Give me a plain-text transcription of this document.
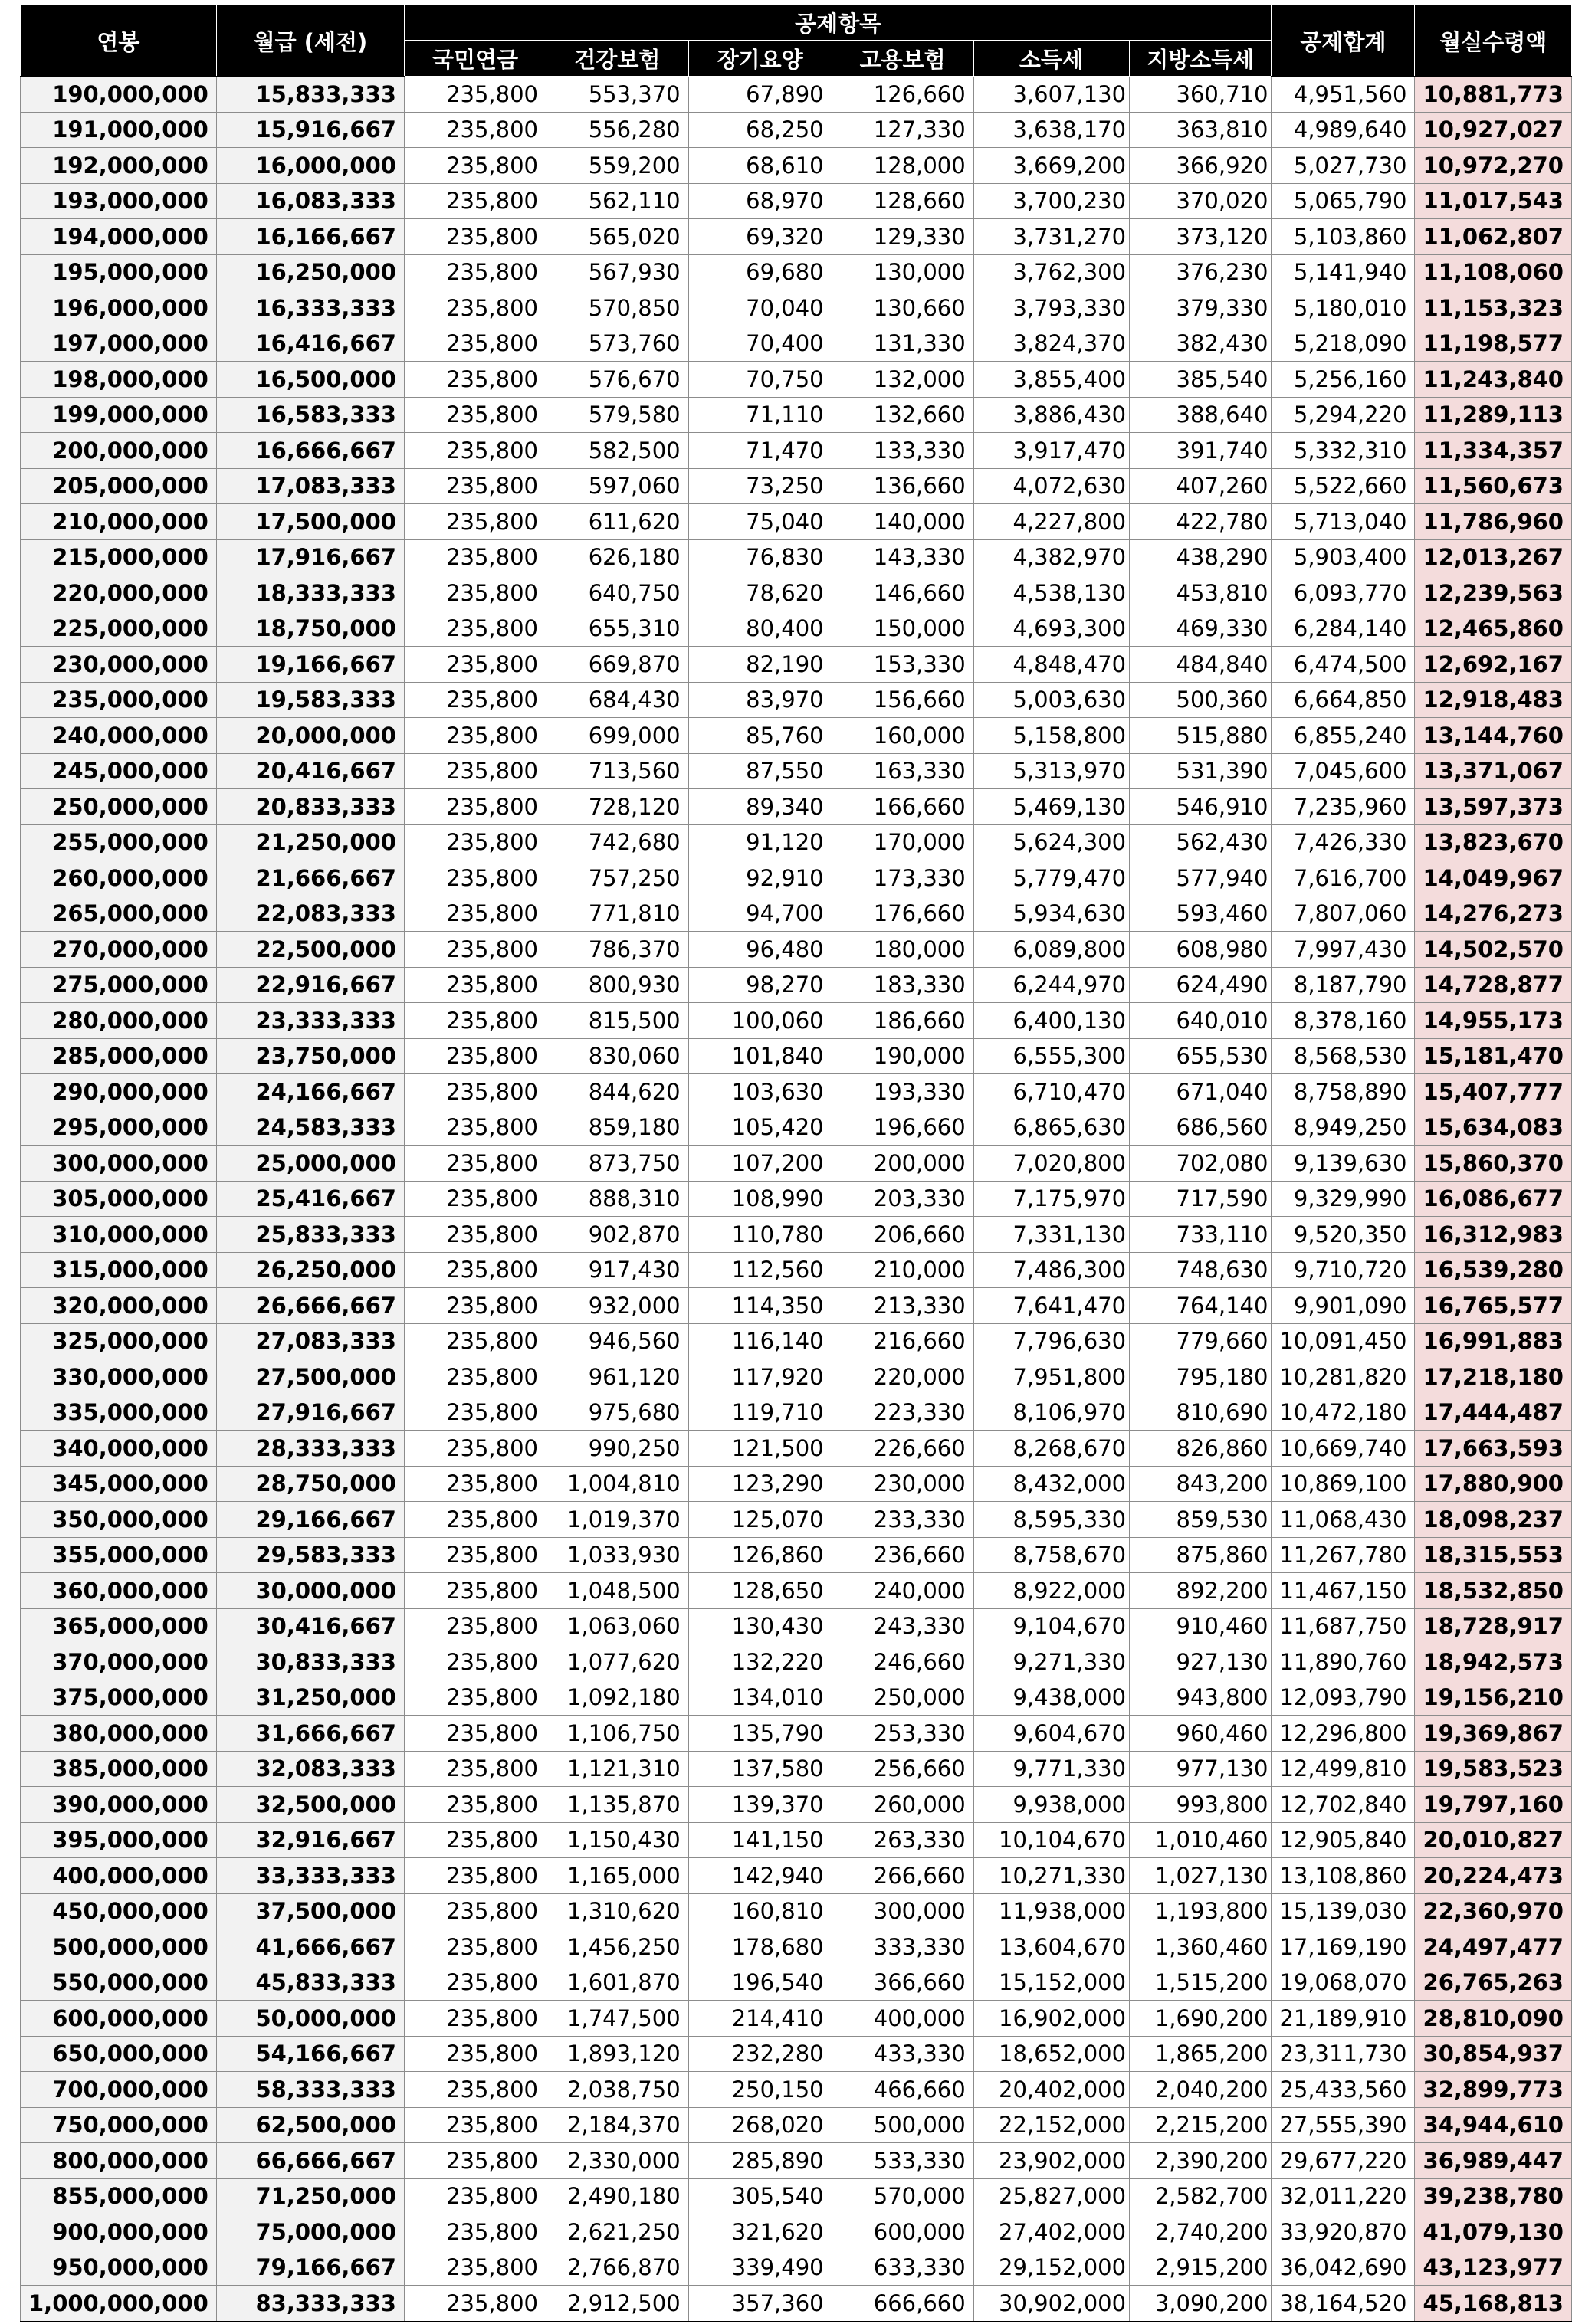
연봉	월급 (세전)	공제항목						공제합계	월실수령액
		국민연금	건강보험	장기요양	고용보험	소득세	지방소득세		
190,000,000	15,833,333	235,800	553,370	67,890	126,660	3,607,130	360,710	4,951,560	10,881,773
191,000,000	15,916,667	235,800	556,280	68,250	127,330	3,638,170	363,810	4,989,640	10,927,027
192,000,000	16,000,000	235,800	559,200	68,610	128,000	3,669,200	366,920	5,027,730	10,972,270
193,000,000	16,083,333	235,800	562,110	68,970	128,660	3,700,230	370,020	5,065,790	11,017,543
194,000,000	16,166,667	235,800	565,020	69,320	129,330	3,731,270	373,120	5,103,860	11,062,807
195,000,000	16,250,000	235,800	567,930	69,680	130,000	3,762,300	376,230	5,141,940	11,108,060
196,000,000	16,333,333	235,800	570,850	70,040	130,660	3,793,330	379,330	5,180,010	11,153,323
197,000,000	16,416,667	235,800	573,760	70,400	131,330	3,824,370	382,430	5,218,090	11,198,577
198,000,000	16,500,000	235,800	576,670	70,750	132,000	3,855,400	385,540	5,256,160	11,243,840
199,000,000	16,583,333	235,800	579,580	71,110	132,660	3,886,430	388,640	5,294,220	11,289,113
200,000,000	16,666,667	235,800	582,500	71,470	133,330	3,917,470	391,740	5,332,310	11,334,357
205,000,000	17,083,333	235,800	597,060	73,250	136,660	4,072,630	407,260	5,522,660	11,560,673
210,000,000	17,500,000	235,800	611,620	75,040	140,000	4,227,800	422,780	5,713,040	11,786,960
215,000,000	17,916,667	235,800	626,180	76,830	143,330	4,382,970	438,290	5,903,400	12,013,267
220,000,000	18,333,333	235,800	640,750	78,620	146,660	4,538,130	453,810	6,093,770	12,239,563
225,000,000	18,750,000	235,800	655,310	80,400	150,000	4,693,300	469,330	6,284,140	12,465,860
230,000,000	19,166,667	235,800	669,870	82,190	153,330	4,848,470	484,840	6,474,500	12,692,167
235,000,000	19,583,333	235,800	684,430	83,970	156,660	5,003,630	500,360	6,664,850	12,918,483
240,000,000	20,000,000	235,800	699,000	85,760	160,000	5,158,800	515,880	6,855,240	13,144,760
245,000,000	20,416,667	235,800	713,560	87,550	163,330	5,313,970	531,390	7,045,600	13,371,067
250,000,000	20,833,333	235,800	728,120	89,340	166,660	5,469,130	546,910	7,235,960	13,597,373
255,000,000	21,250,000	235,800	742,680	91,120	170,000	5,624,300	562,430	7,426,330	13,823,670
260,000,000	21,666,667	235,800	757,250	92,910	173,330	5,779,470	577,940	7,616,700	14,049,967
265,000,000	22,083,333	235,800	771,810	94,700	176,660	5,934,630	593,460	7,807,060	14,276,273
270,000,000	22,500,000	235,800	786,370	96,480	180,000	6,089,800	608,980	7,997,430	14,502,570
275,000,000	22,916,667	235,800	800,930	98,270	183,330	6,244,970	624,490	8,187,790	14,728,877
280,000,000	23,333,333	235,800	815,500	100,060	186,660	6,400,130	640,010	8,378,160	14,955,173
285,000,000	23,750,000	235,800	830,060	101,840	190,000	6,555,300	655,530	8,568,530	15,181,470
290,000,000	24,166,667	235,800	844,620	103,630	193,330	6,710,470	671,040	8,758,890	15,407,777
295,000,000	24,583,333	235,800	859,180	105,420	196,660	6,865,630	686,560	8,949,250	15,634,083
300,000,000	25,000,000	235,800	873,750	107,200	200,000	7,020,800	702,080	9,139,630	15,860,370
305,000,000	25,416,667	235,800	888,310	108,990	203,330	7,175,970	717,590	9,329,990	16,086,677
310,000,000	25,833,333	235,800	902,870	110,780	206,660	7,331,130	733,110	9,520,350	16,312,983
315,000,000	26,250,000	235,800	917,430	112,560	210,000	7,486,300	748,630	9,710,720	16,539,280
320,000,000	26,666,667	235,800	932,000	114,350	213,330	7,641,470	764,140	9,901,090	16,765,577
325,000,000	27,083,333	235,800	946,560	116,140	216,660	7,796,630	779,660	10,091,450	16,991,883
330,000,000	27,500,000	235,800	961,120	117,920	220,000	7,951,800	795,180	10,281,820	17,218,180
335,000,000	27,916,667	235,800	975,680	119,710	223,330	8,106,970	810,690	10,472,180	17,444,487
340,000,000	28,333,333	235,800	990,250	121,500	226,660	8,268,670	826,860	10,669,740	17,663,593
345,000,000	28,750,000	235,800	1,004,810	123,290	230,000	8,432,000	843,200	10,869,100	17,880,900
350,000,000	29,166,667	235,800	1,019,370	125,070	233,330	8,595,330	859,530	11,068,430	18,098,237
355,000,000	29,583,333	235,800	1,033,930	126,860	236,660	8,758,670	875,860	11,267,780	18,315,553
360,000,000	30,000,000	235,800	1,048,500	128,650	240,000	8,922,000	892,200	11,467,150	18,532,850
365,000,000	30,416,667	235,800	1,063,060	130,430	243,330	9,104,670	910,460	11,687,750	18,728,917
370,000,000	30,833,333	235,800	1,077,620	132,220	246,660	9,271,330	927,130	11,890,760	18,942,573
375,000,000	31,250,000	235,800	1,092,180	134,010	250,000	9,438,000	943,800	12,093,790	19,156,210
380,000,000	31,666,667	235,800	1,106,750	135,790	253,330	9,604,670	960,460	12,296,800	19,369,867
385,000,000	32,083,333	235,800	1,121,310	137,580	256,660	9,771,330	977,130	12,499,810	19,583,523
390,000,000	32,500,000	235,800	1,135,870	139,370	260,000	9,938,000	993,800	12,702,840	19,797,160
395,000,000	32,916,667	235,800	1,150,430	141,150	263,330	10,104,670	1,010,460	12,905,840	20,010,827
400,000,000	33,333,333	235,800	1,165,000	142,940	266,660	10,271,330	1,027,130	13,108,860	20,224,473
450,000,000	37,500,000	235,800	1,310,620	160,810	300,000	11,938,000	1,193,800	15,139,030	22,360,970
500,000,000	41,666,667	235,800	1,456,250	178,680	333,330	13,604,670	1,360,460	17,169,190	24,497,477
550,000,000	45,833,333	235,800	1,601,870	196,540	366,660	15,152,000	1,515,200	19,068,070	26,765,263
600,000,000	50,000,000	235,800	1,747,500	214,410	400,000	16,902,000	1,690,200	21,189,910	28,810,090
650,000,000	54,166,667	235,800	1,893,120	232,280	433,330	18,652,000	1,865,200	23,311,730	30,854,937
700,000,000	58,333,333	235,800	2,038,750	250,150	466,660	20,402,000	2,040,200	25,433,560	32,899,773
750,000,000	62,500,000	235,800	2,184,370	268,020	500,000	22,152,000	2,215,200	27,555,390	34,944,610
800,000,000	66,666,667	235,800	2,330,000	285,890	533,330	23,902,000	2,390,200	29,677,220	36,989,447
855,000,000	71,250,000	235,800	2,490,180	305,540	570,000	25,827,000	2,582,700	32,011,220	39,238,780
900,000,000	75,000,000	235,800	2,621,250	321,620	600,000	27,402,000	2,740,200	33,920,870	41,079,130
950,000,000	79,166,667	235,800	2,766,870	339,490	633,330	29,152,000	2,915,200	36,042,690	43,123,977
1,000,000,000	83,333,333	235,800	2,912,500	357,360	666,660	30,902,000	3,090,200	38,164,520	45,168,813
